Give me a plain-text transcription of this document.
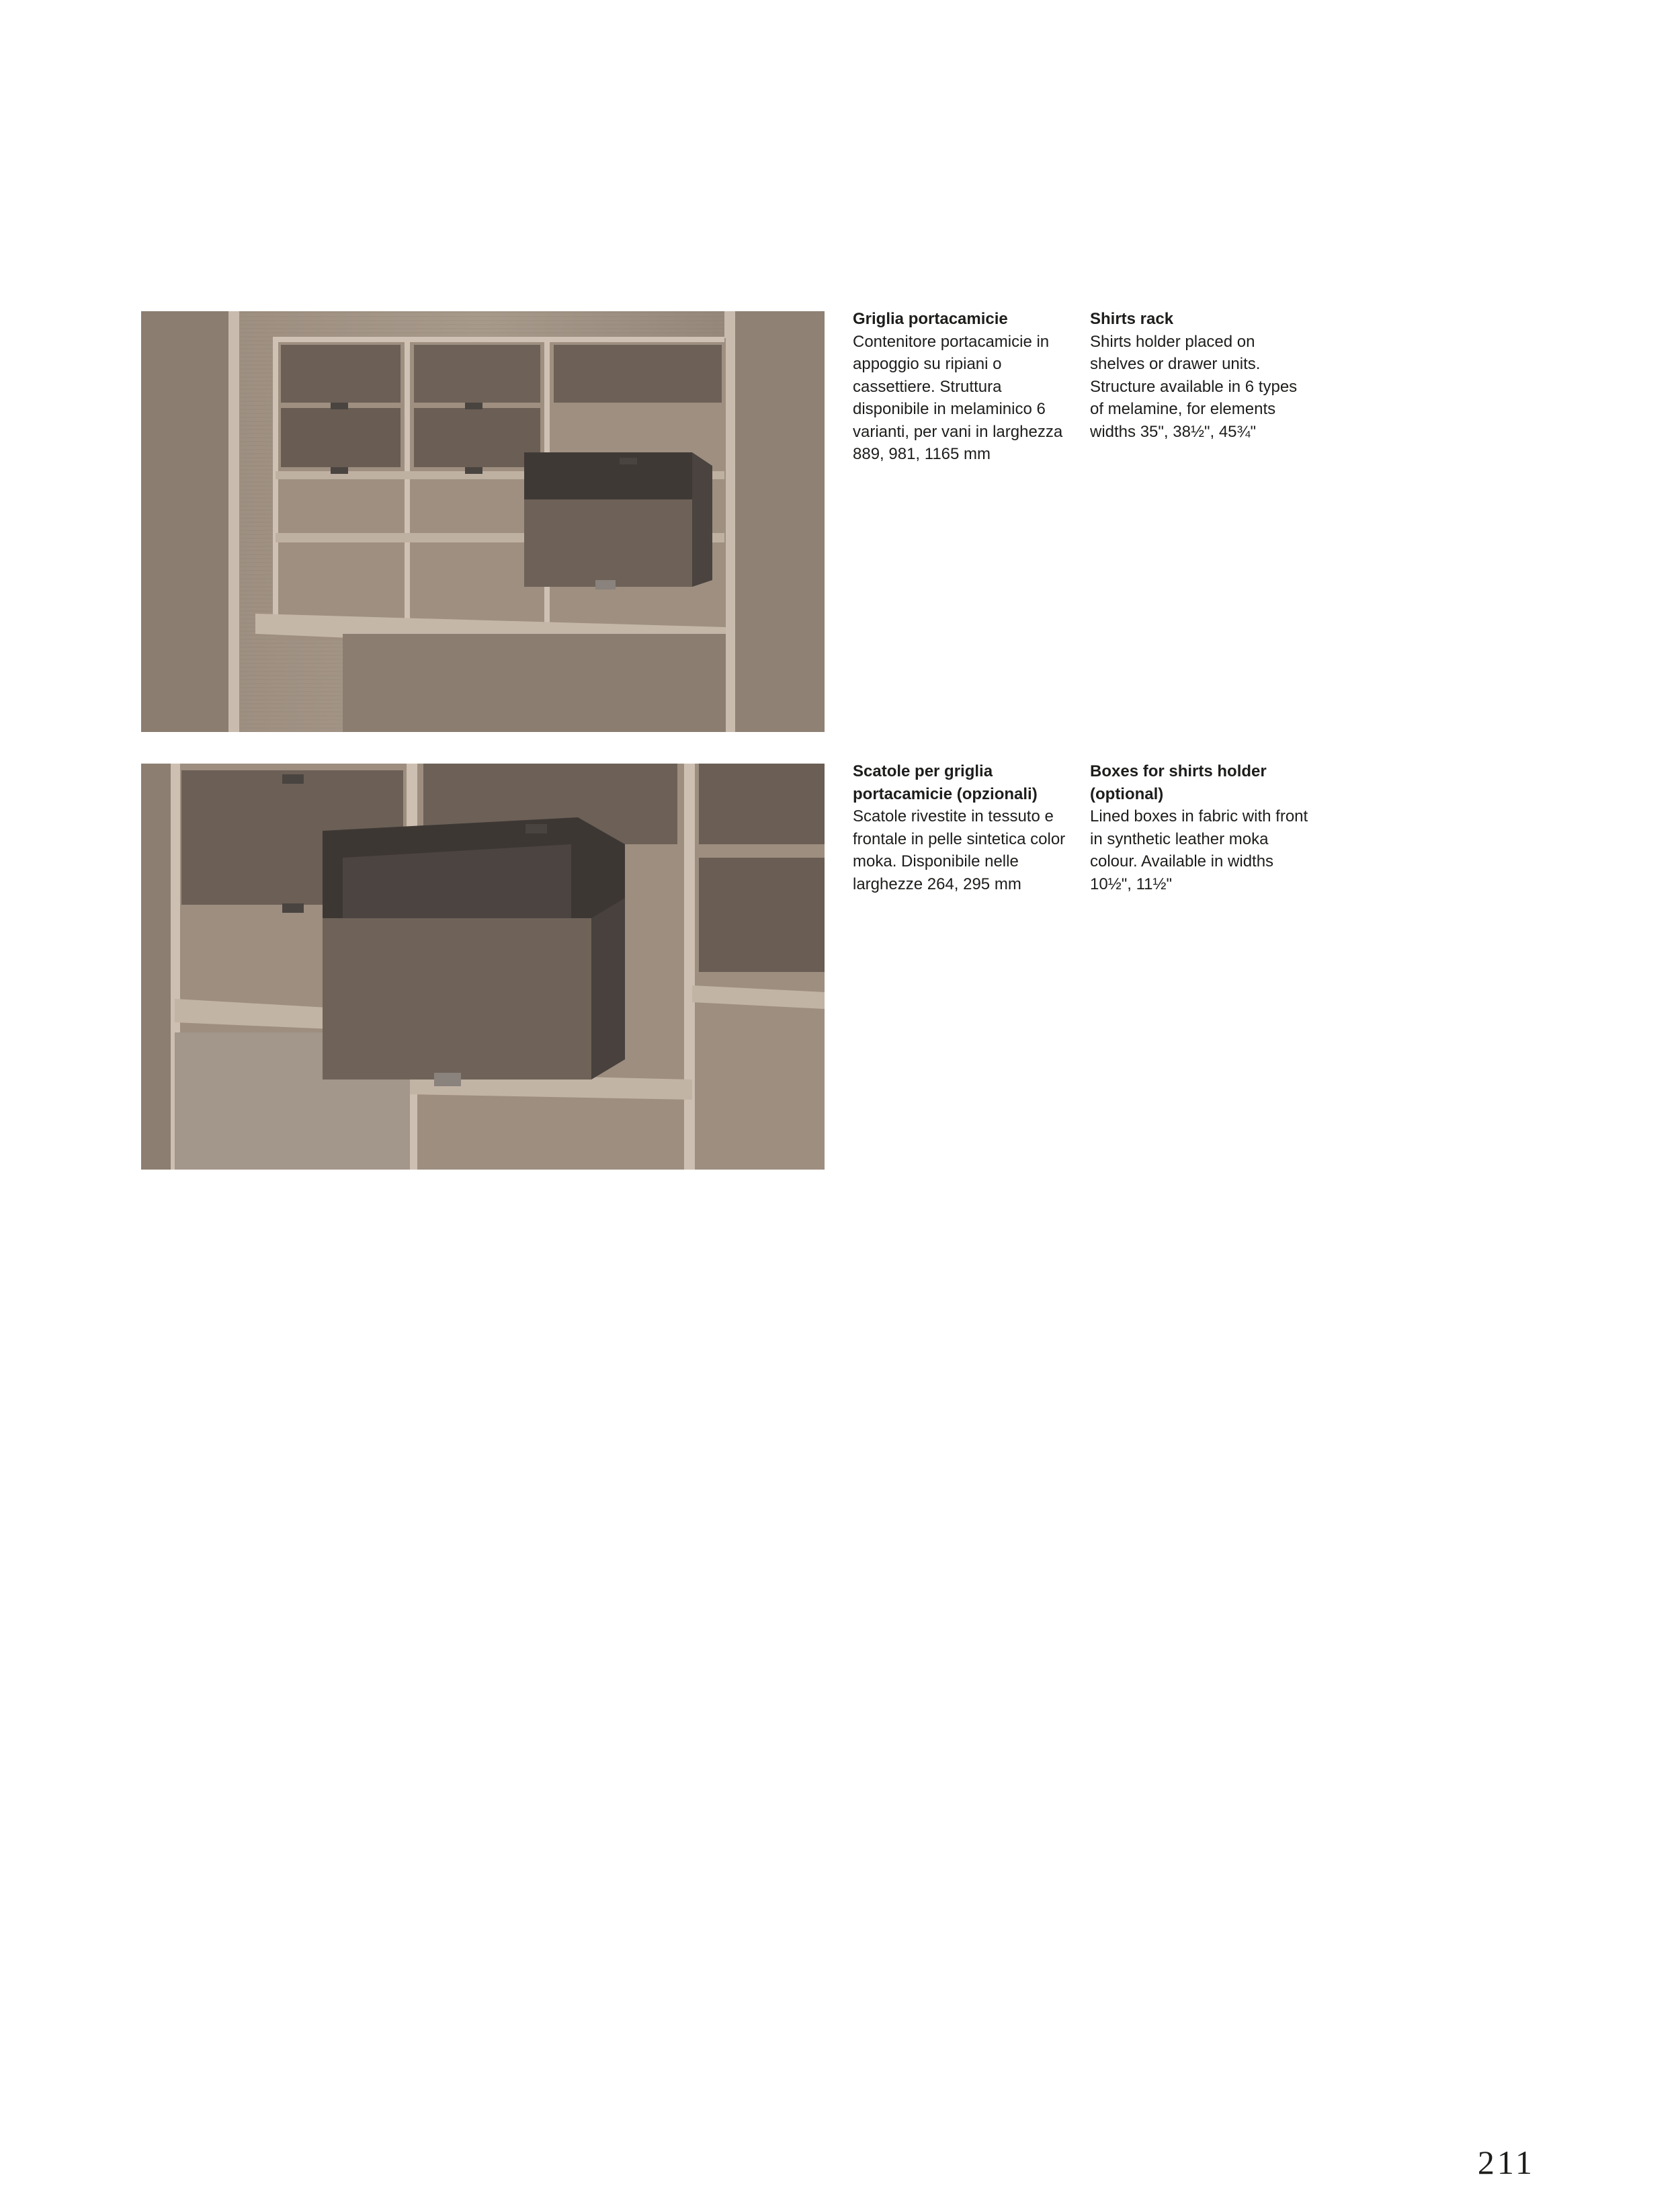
Griglia portacamicie
Contenitore portacamicie in appoggio su ripiani o cassettiere. Struttura disponibile in melaminico 6 varianti, per vani in larghezza 889, 981, 1165 mm
Shirts rack
Shirts holder placed on shelves or drawer units. Structure available in 6 types of melamine, for elements widths 35", 38½", 45¾"
Scatole per griglia portacamicie (opzionali)
Scatole rivestite in tessuto e frontale in pelle sintetica color moka. Disponibile nelle larghezze 264, 295 mm
Boxes for shirts holder (optional)
Lined boxes in fabric with front in synthetic leather moka colour. Available in widths 10½", 11½"
211
